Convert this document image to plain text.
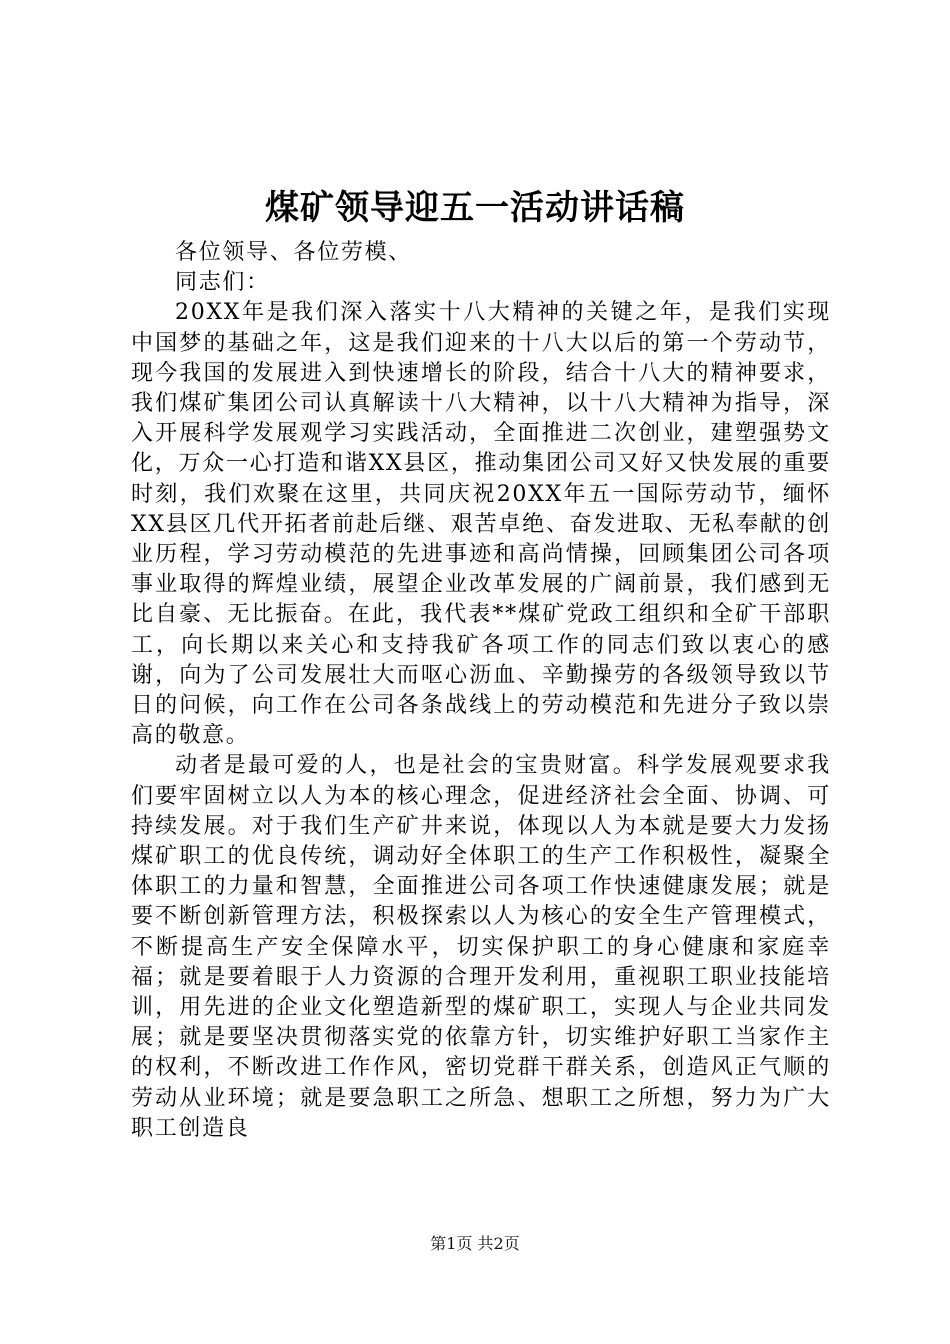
煤矿领导迎五一活动讲话稿

各位领导、各位劳模、

同志们：

20XX年是我们深入落实十八大精神的关键之年，是我们实现中国梦的基础之年，这是我们迎来的十八大以后的第一个劳动节，现今我国的发展进入到快速增长的阶段，结合十八大的精神要求，我们煤矿集团公司认真解读十八大精神，以十八大精神为指导，深入开展科学发展观学习实践活动，全面推进二次创业，建塑强势文化，万众一心打造和谐XX县区，推动集团公司又好又快发展的重要时刻，我们欢聚在这里，共同庆祝20XX年五一国际劳动节，缅怀XX县区几代开拓者前赴后继、艰苦卓绝、奋发进取、无私奉献的创业历程，学习劳动模范的先进事迹和高尚情操，回顾集团公司各项事业取得的辉煌业绩，展望企业改革发展的广阔前景，我们感到无比自豪、无比振奋。在此，我代表**煤矿党政工组织和全矿干部职工，向长期以来关心和支持我矿各项工作的同志们致以衷心的感谢，向为了公司发展壮大而呕心沥血、辛勤操劳的各级领导致以节日的问候，向工作在公司各条战线上的劳动模范和先进分子致以崇高的敬意。

动者是最可爱的人，也是社会的宝贵财富。科学发展观要求我们要牢固树立以人为本的核心理念，促进经济社会全面、协调、可持续发展。对于我们生产矿井来说，体现以人为本就是要大力发扬煤矿职工的优良传统，调动好全体职工的生产工作积极性，凝聚全体职工的力量和智慧，全面推进公司各项工作快速健康发展；就是要不断创新管理方法，积极探索以人为核心的安全生产管理模式，不断提高生产安全保障水平，切实保护职工的身心健康和家庭幸福；就是要着眼于人力资源的合理开发利用，重视职工职业技能培训，用先进的企业文化塑造新型的煤矿职工，实现人与企业共同发展；就是要坚决贯彻落实党的依靠方针，切实维护好职工当家作主的权利，不断改进工作作风，密切党群干群关系，创造风正气顺的劳动从业环境；就是要急职工之所急、想职工之所想，努力为广大职工创造良

第1页 共2页
